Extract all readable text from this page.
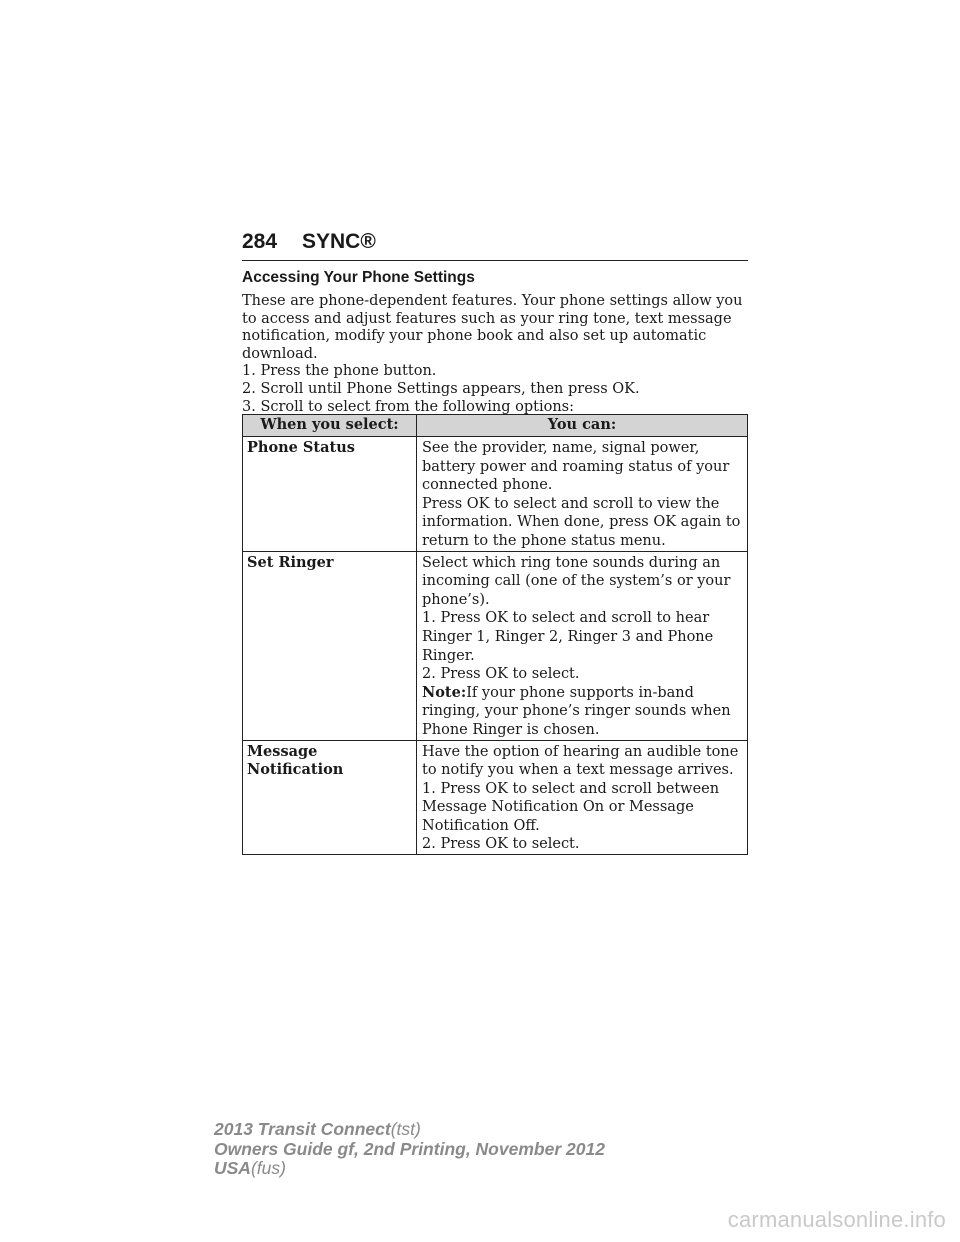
284 SYNC®
Accessing Your Phone Settings

These are phone-dependent features. Your phone settings allow you to access and adjust features such as your ring tone, text message notification, modify your phone book and also set up automatic download.

1. Press the phone button.
2. Scroll until Phone Settings appears, then press OK.
3. Scroll to select from the following options:
When you select:	You can:
Phone Status	See the provider, name, signal power, battery power and roaming status of your connected phone.

Press OK to select and scroll to view the information. When done, press OK again to return to the phone status menu.

Set Ringer	Select which ring tone sounds during an incoming call (one of the system’s or your phone’s).

1. Press OK to select and scroll to hear Ringer 1, Ringer 2, Ringer 3 and Phone Ringer.

2. Press OK to select.

Note:If your phone supports in-band ringing, your phone’s ringer sounds when Phone Ringer is chosen.

Message Notification	Have the option of hearing an audible tone to notify you when a text message arrives.

1. Press OK to select and scroll between Message Notification On or Message Notification Off.

2. Press OK to select.

2013 Transit Connect(tst)
Owners Guide gf, 2nd Printing, November 2012
USA(fus)
carmanualsonline.info
